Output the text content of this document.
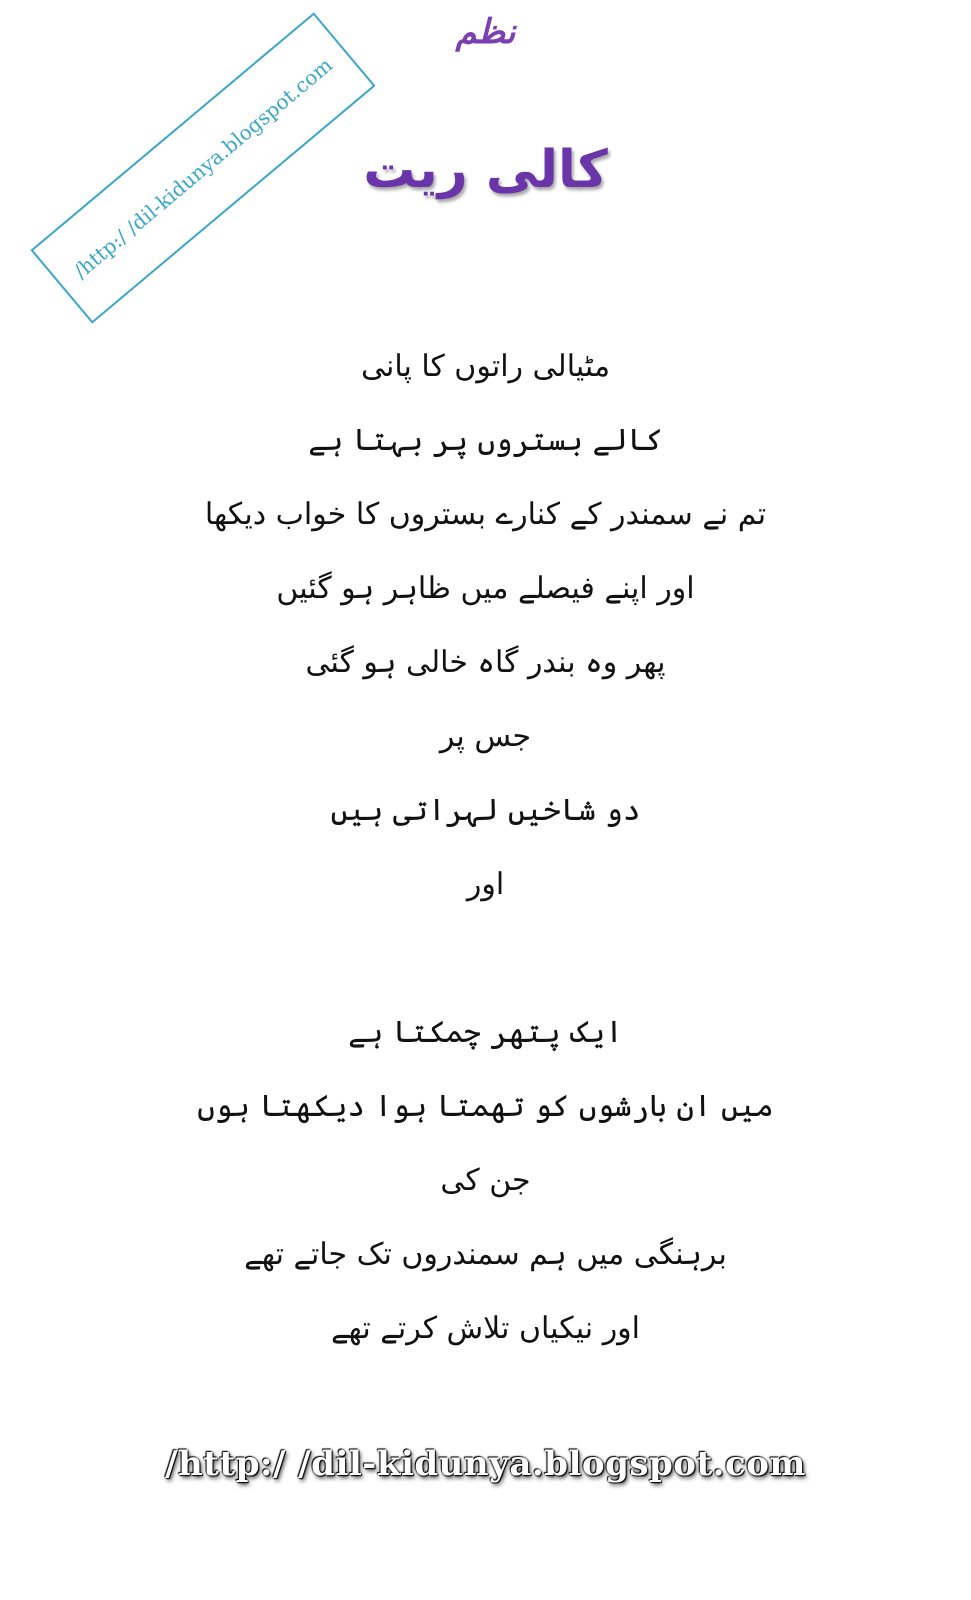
/http:/ /dil-kidunya.blogspot.com
نظم
کالی ریت
مٹیالی راتوں کا پانی
کالے بستروں پر بہتا ہے
تم نے سمندر کے کنارے بستروں کا خواب دیکھا
اور اپنے فیصلے میں ظاہر ہو گئیں
پھر وہ بندر گاہ خالی ہو گئی
جس پر
دو شاخیں لہراتی ہیں
اور
ایک پتھر چمکتا ہے
میں ان بارشوں کو تھمتا ہوا دیکھتا ہوں
جن کی
برہنگی میں ہم سمندروں تک جاتے تھے
اور نیکیاں تلاش کرتے تھے
/http:/ /dil-kidunya.blogspot.com
